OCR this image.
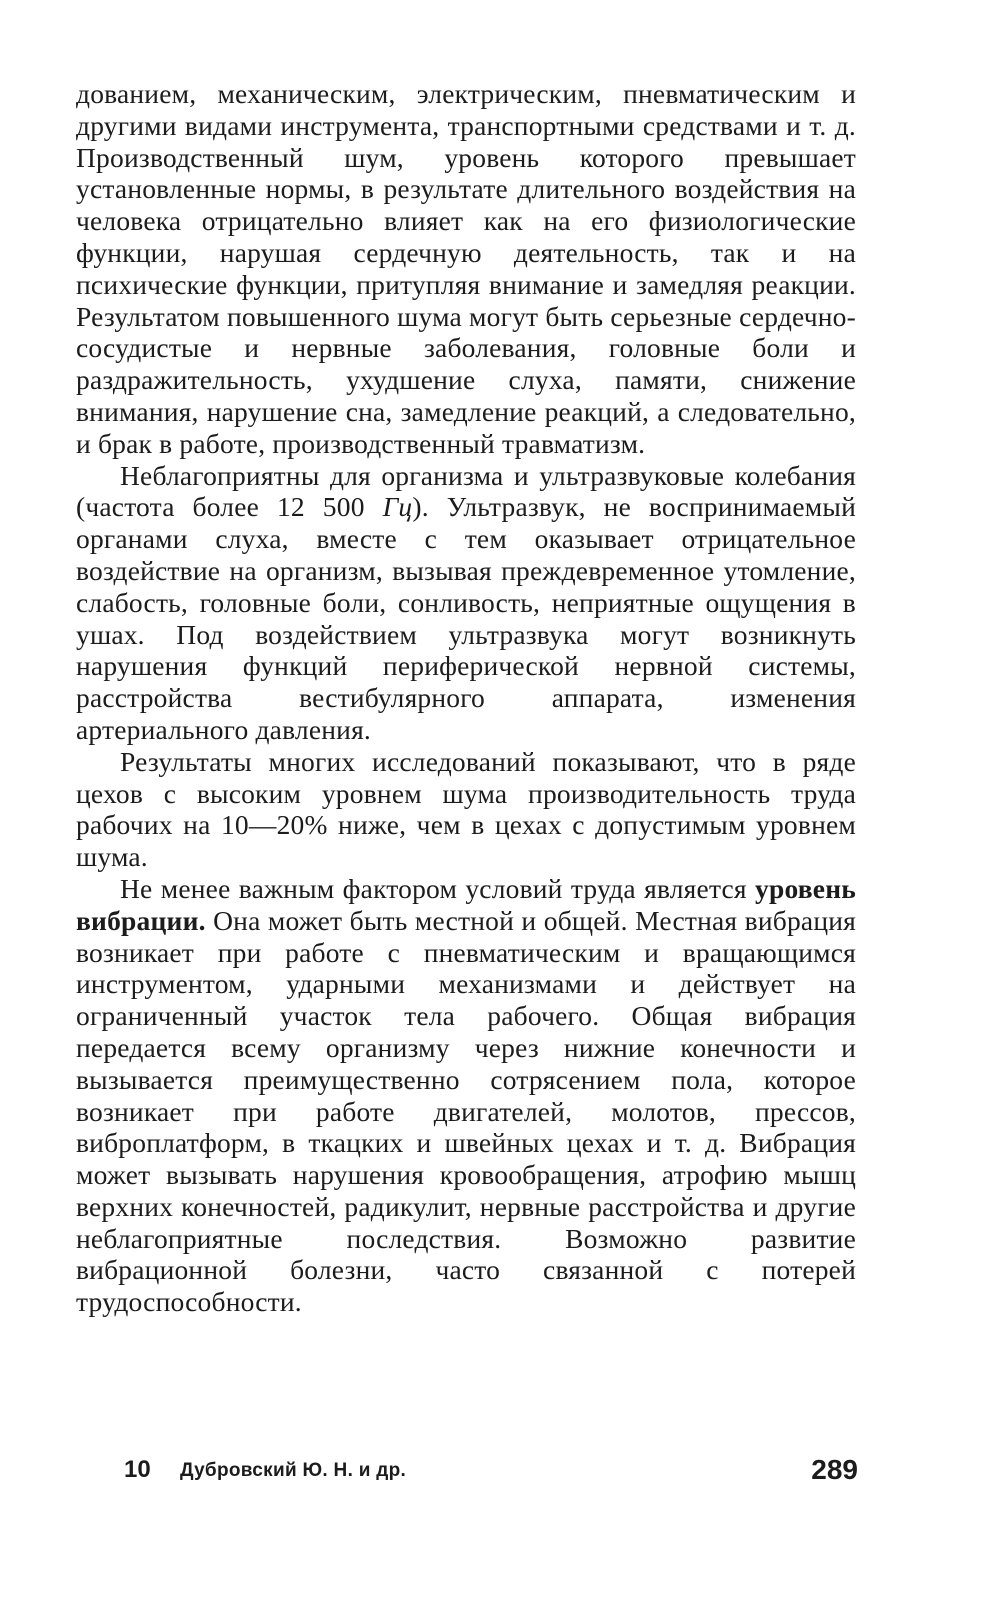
дованием, механическим, электрическим, пневматическим и другими видами инструмента, транспортными средствами и т. д. Производственный шум, уровень которого превышает установленные нормы, в результате длительного воздействия на человека отрицательно влияет как на его физиологические функции, нарушая сердечную деятельность, так и на психические функции, притупляя внимание и замедляя реакции. Результатом повышенного шума могут быть серьезные сердечно-сосудистые и нервные заболевания, головные боли и раздражительность, ухудшение слуха, памяти, снижение внимания, нарушение сна, замедление реакций, а следовательно, и брак в работе, производственный травматизм.

Неблагоприятны для организма и ультразвуковые колебания (частота более 12 500 Гц). Ультразвук, не воспринимаемый органами слуха, вместе с тем оказывает отрицательное воздействие на организм, вызывая преждевременное утомление, слабость, головные боли, сонливость, неприятные ощущения в ушах. Под воздействием ультразвука могут возникнуть нарушения функций периферической нервной системы, расстройства вестибулярного аппарата, изменения артериального давления.

Результаты многих исследований показывают, что в ряде цехов с высоким уровнем шума производительность труда рабочих на 10—20% ниже, чем в цехах с допустимым уровнем шума.

Не менее важным фактором условий труда является уровень вибрации. Она может быть местной и общей. Местная вибрация возникает при работе с пневматическим и вращающимся инструментом, ударными механизмами и действует на ограниченный участок тела рабочего. Общая вибрация передается всему организму через нижние конечности и вызывается преимущественно сотрясением пола, которое возникает при работе двигателей, молотов, прессов, виброплатформ, в ткацких и швейных цехах и т. д. Вибрация может вызывать нарушения кровообращения, атрофию мышц верхних конечностей, радикулит, нервные расстройства и другие неблагоприятные последствия. Возможно развитие вибрационной болезни, часто связанной с потерей трудоспособности.

10 Дубровский Ю. Н. и др.	289
